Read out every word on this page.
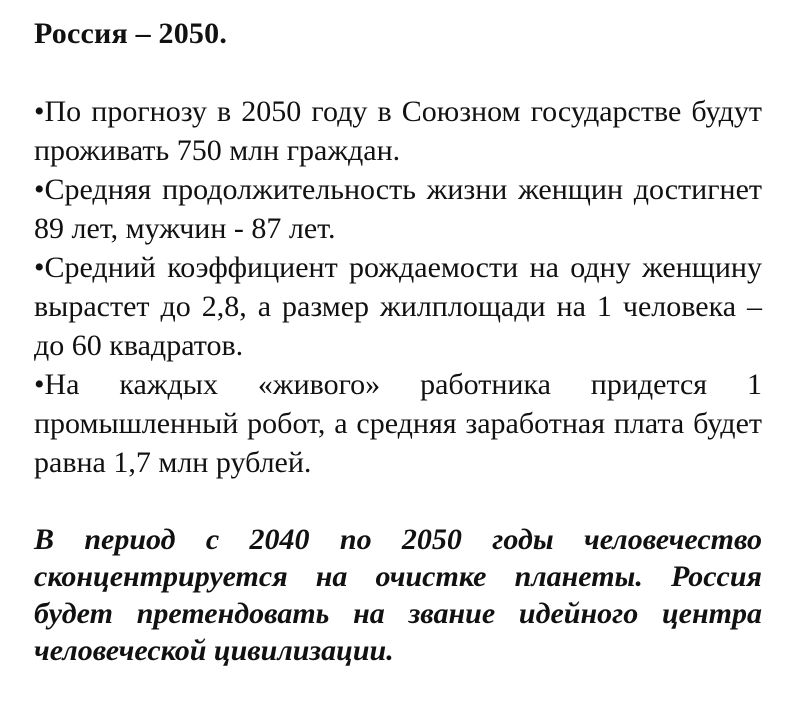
Россия – 2050.
•По прогнозу в 2050 году в Союзном государстве будут проживать 750 млн граждан.
•Средняя продолжительность жизни женщин достигнет 89 лет, мужчин - 87 лет.
•Средний коэффициент рождаемости на одну женщину вырастет до 2,8, а размер жилплощади на 1 человека – до 60 квадратов.
•На каждых «живого» работника придется 1 промышленный робот, а средняя заработная плата будет равна 1,7 млн рублей.
В период с 2040 по 2050 годы человечество сконцентрируется на очистке планеты. Россия будет претендовать на звание идейного центра человеческой цивилизации.
